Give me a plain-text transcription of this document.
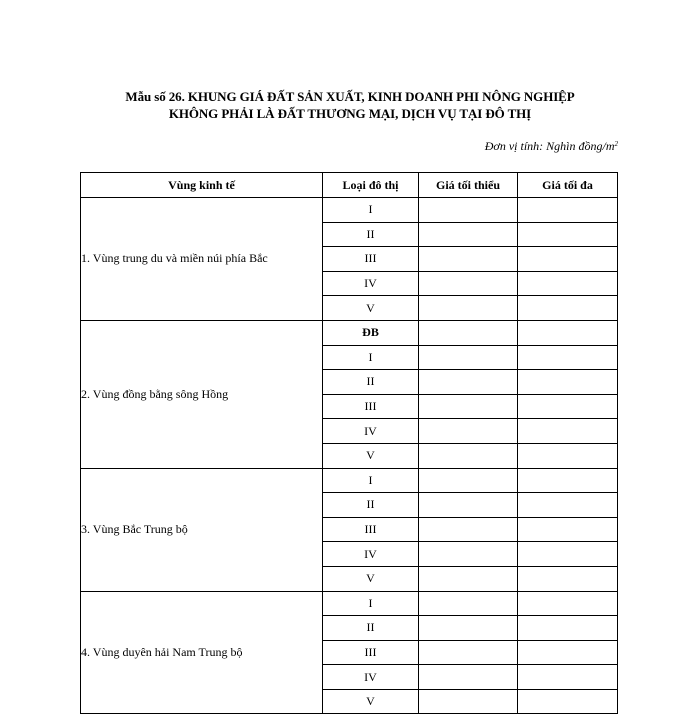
Mẫu số 26. KHUNG GIÁ ĐẤT SẢN XUẤT, KINH DOANH PHI NÔNG NGHIỆP
KHÔNG PHẢI LÀ ĐẤT THƯƠNG MẠI, DỊCH VỤ TẠI ĐÔ THỊ
Đơn vị tính: Nghìn đồng/$m^2$
Vùng kinh tế	Loại đô thị	Giá tối thiểu	Giá tối đa
1. Vùng trung du và miền núi phía Bắc	I		
	II		
	III		
	IV		
	V		
2. Vùng đồng bằng sông Hồng	ĐB		
	I		
	II		
	III		
	IV		
	V		
3. Vùng Bắc Trung bộ	I		
	II		
	III		
	IV		
	V		
4. Vùng duyên hải Nam Trung bộ	I		
	II		
	III		
	IV		
	V		
